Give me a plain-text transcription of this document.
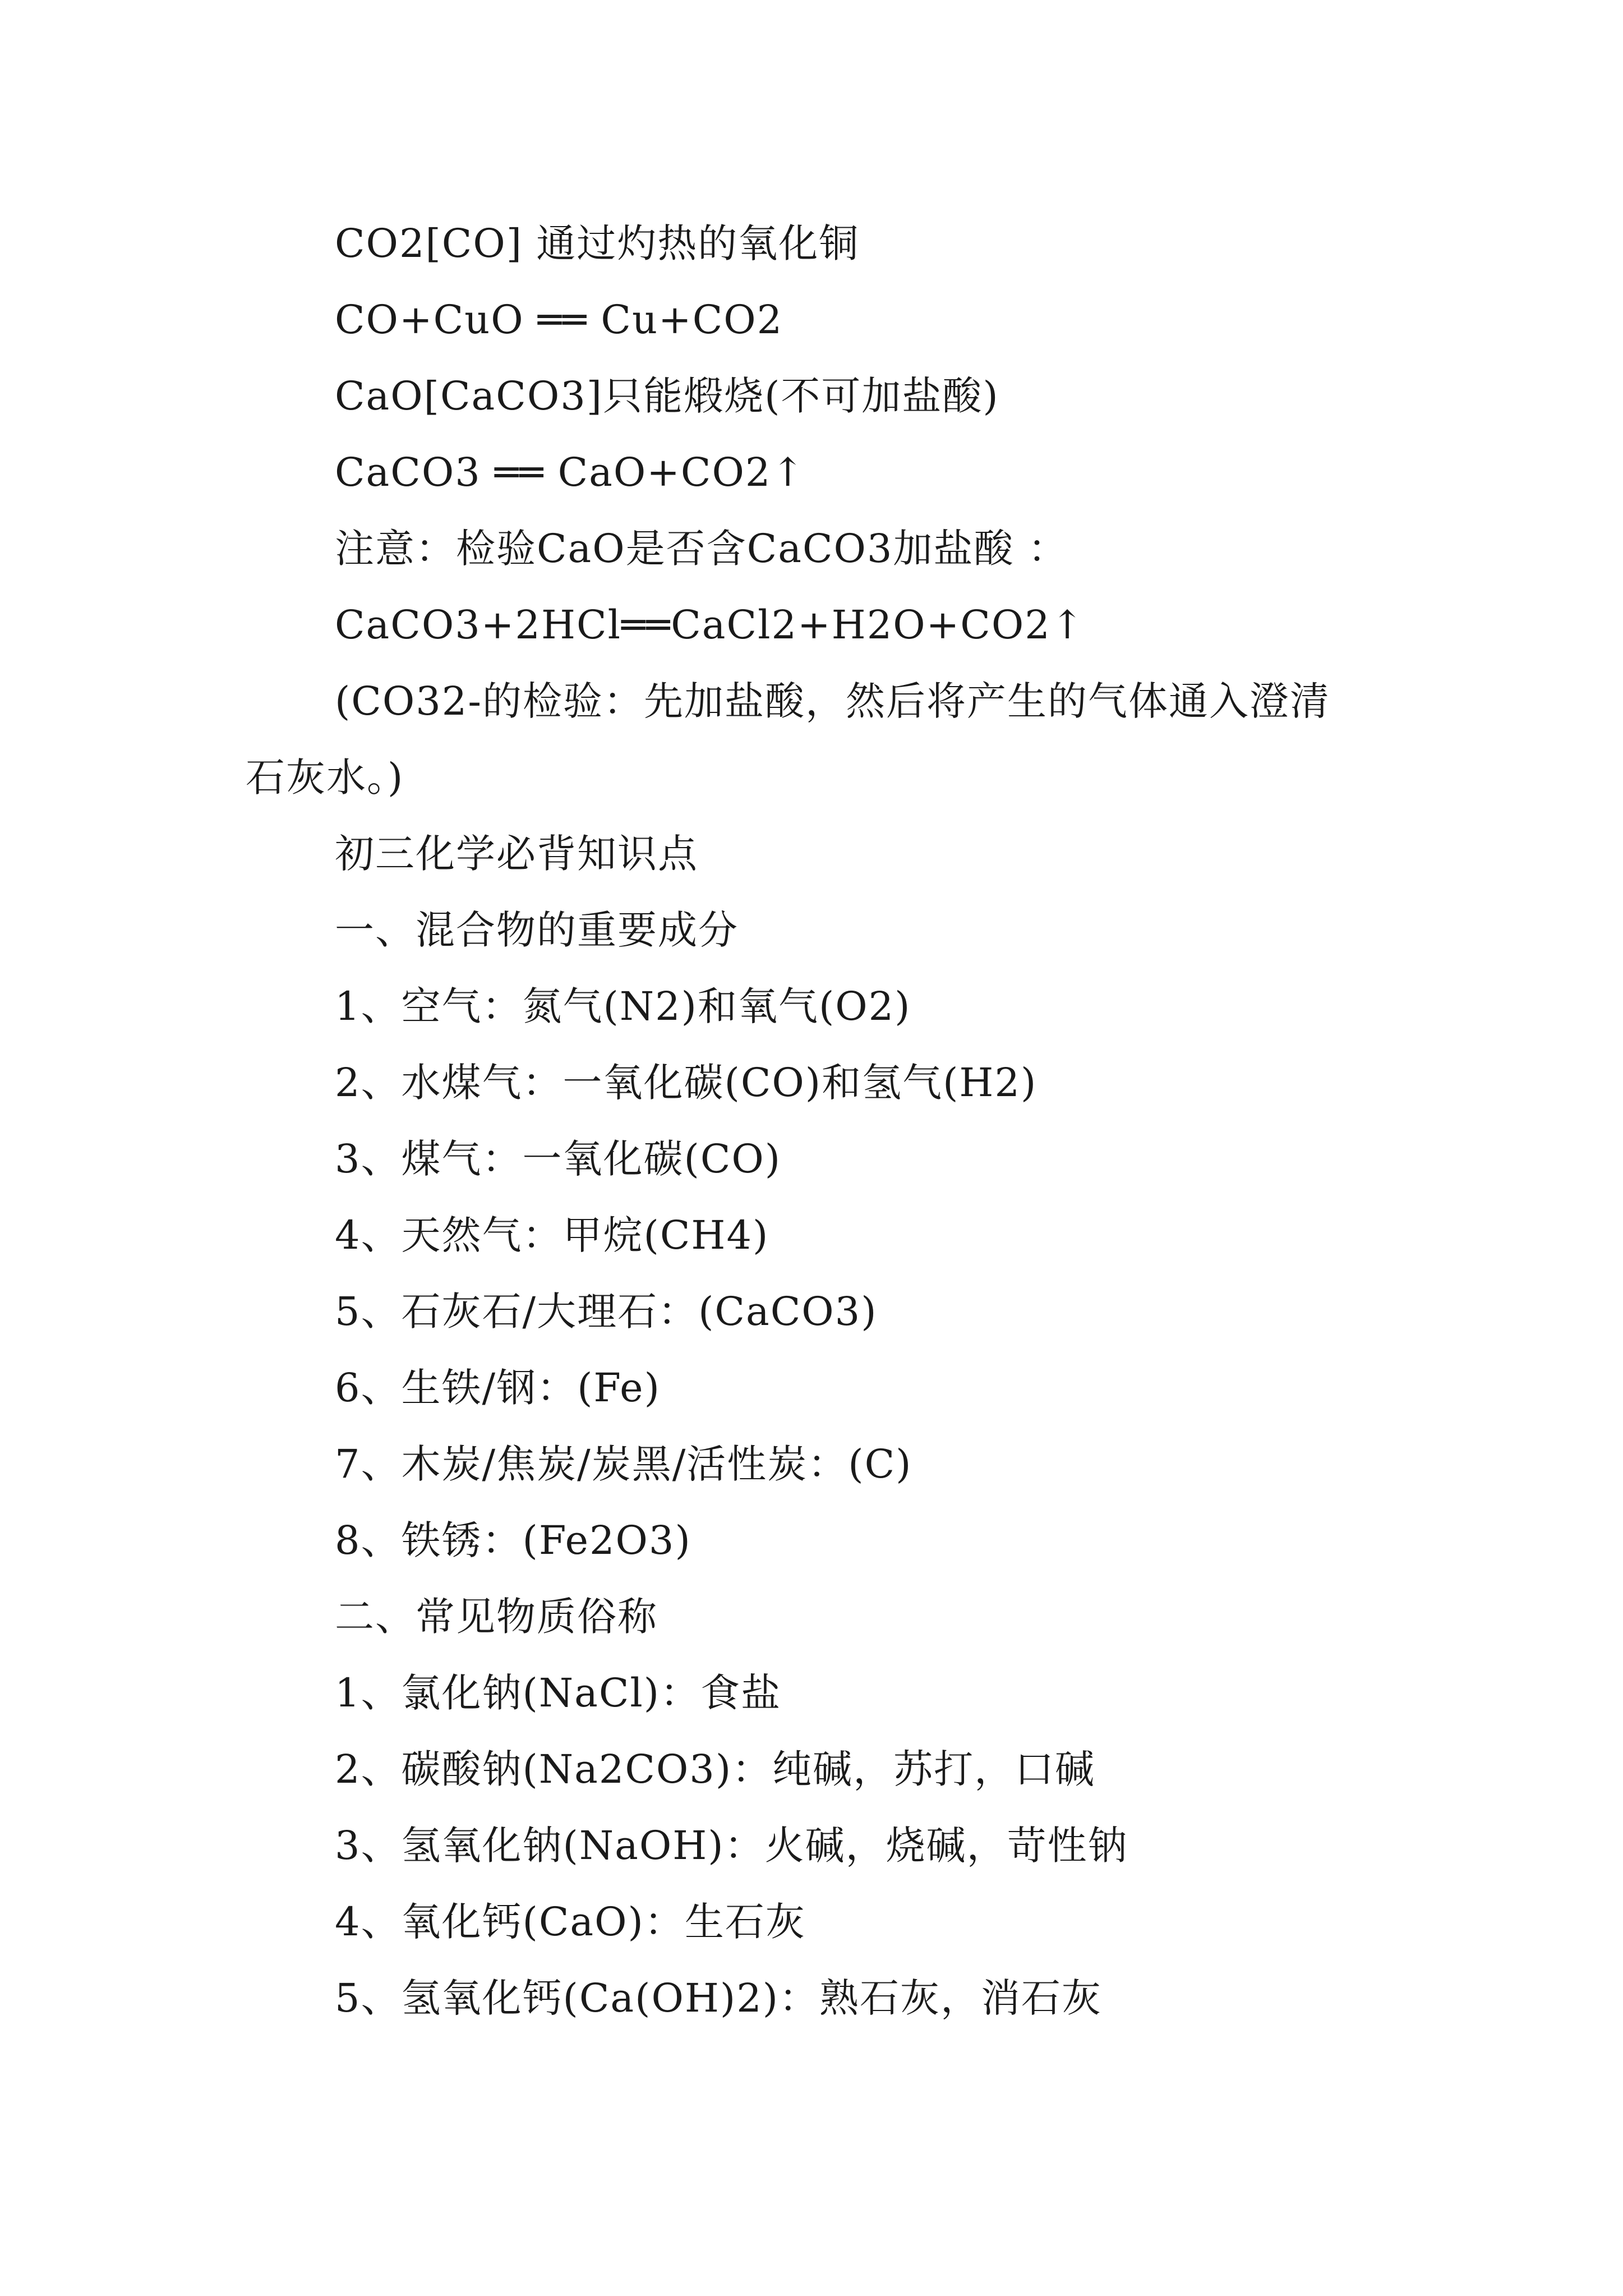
CO2[CO] 通过灼热的氧化铜
CO+CuO ══ Cu+CO2
CaO[CaCO3]只能煅烧(不可加盐酸)
CaCO3 ══ CaO+CO2↑
注意：检验CaO是否含CaCO3加盐酸 ：
CaCO3+2HCl══CaCl2+H2O+CO2↑
(CO32-的检验：先加盐酸，然后将产生的气体通入澄清
石灰水。)
初三化学必背知识点
一、混合物的重要成分
1、空气：氮气(N2)和氧气(O2)
2、水煤气：一氧化碳(CO)和氢气(H2)
3、煤气：一氧化碳(CO)
4、天然气：甲烷(CH4)
5、石灰石/大理石：(CaCO3)
6、生铁/钢：(Fe)
7、木炭/焦炭/炭黑/活性炭：(C)
8、铁锈：(Fe2O3)
二、常见物质俗称
1、氯化钠(NaCl)：食盐
2、碳酸钠(Na2CO3)：纯碱，苏打，口碱
3、氢氧化钠(NaOH)：火碱，烧碱，苛性钠
4、氧化钙(CaO)：生石灰
5、氢氧化钙(Ca(OH)2)：熟石灰，消石灰
